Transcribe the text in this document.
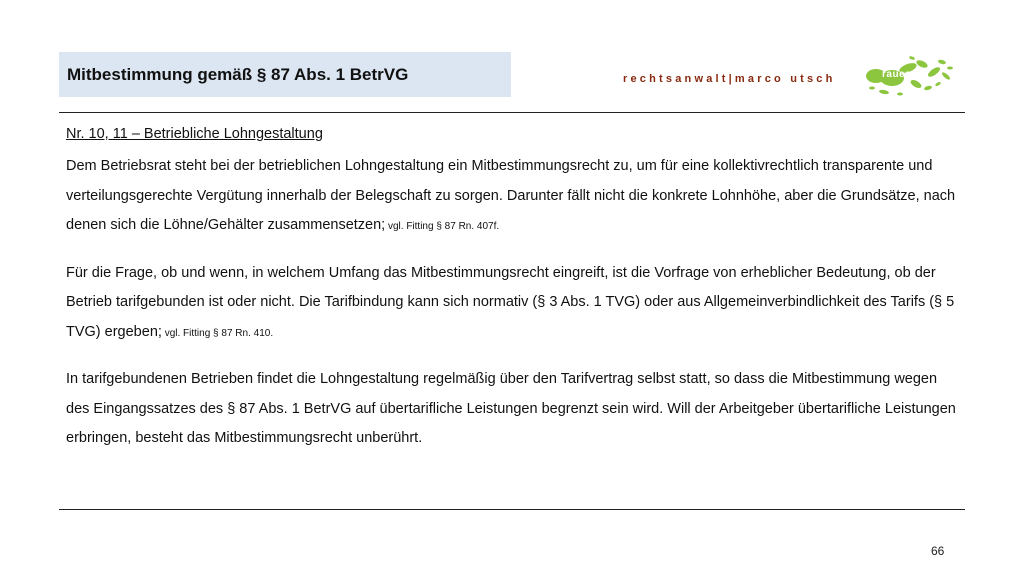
Mitbestimmung gemäß § 87 Abs. 1 BetrVG	rechtsanwalt|marco utsch	raues

Nr. 10, 11 – Betriebliche Lohngestaltung

Dem Betriebsrat steht bei der betrieblichen Lohngestaltung ein Mitbestimmungsrecht zu, um für eine kollektivrechtlich transparente und verteilungsgerechte Vergütung innerhalb der Belegschaft zu sorgen. Darunter fällt nicht die konkrete Lohnhöhe, aber die Grundsätze, nach denen sich die Löhne/Gehälter zusammensetzen; vgl. Fitting § 87 Rn. 407f.

Für die Frage, ob und wenn, in welchem Umfang das Mitbestimmungsrecht eingreift, ist die Vorfrage von erheblicher Bedeutung, ob der Betrieb tarifgebunden ist oder nicht. Die Tarifbindung kann sich normativ (§ 3 Abs. 1 TVG) oder aus Allgemeinverbindlichkeit des Tarifs (§ 5 TVG) ergeben; vgl. Fitting § 87 Rn. 410.

In tarifgebundenen Betrieben findet die Lohngestaltung regelmäßig über den Tarifvertrag selbst statt, so dass die Mitbestimmung wegen des Eingangssatzes des § 87 Abs. 1 BetrVG auf übertarifliche Leistungen begrenzt sein wird. Will der Arbeitgeber übertarifliche Leistungen erbringen, besteht das Mitbestimmungsrecht unberührt.

66
